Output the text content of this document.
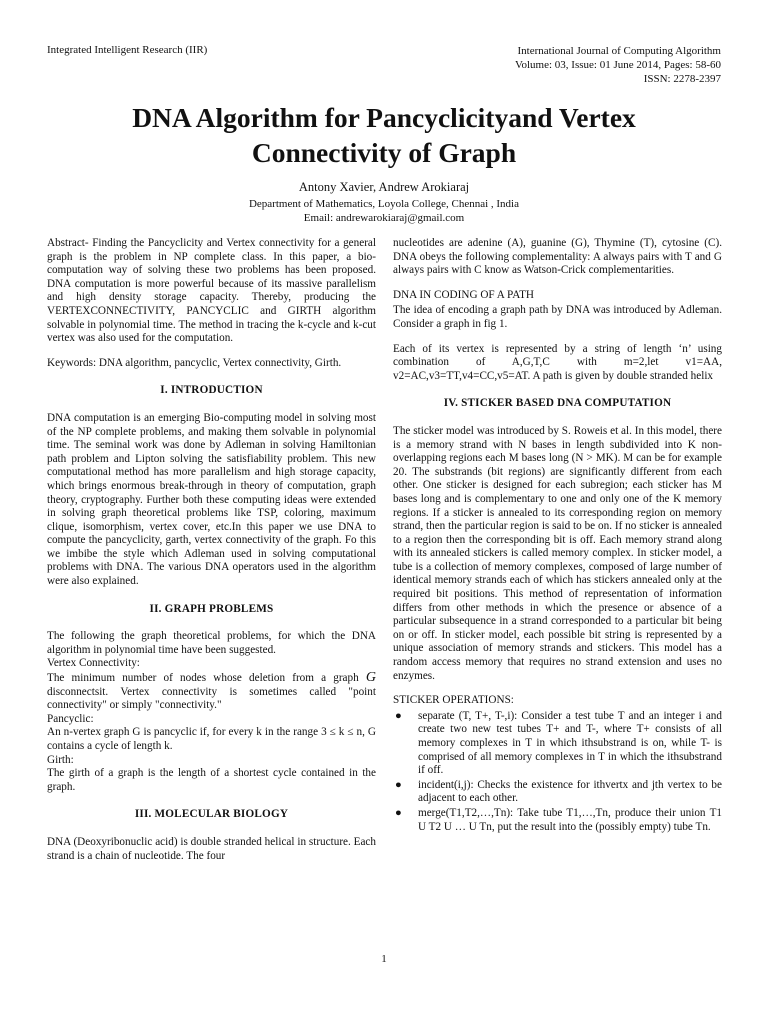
Integrated Intelligent Research (IIR)	International Journal of Computing Algorithm
Volume: 03, Issue: 01 June 2014, Pages: 58-60
ISSN: 2278-2397
DNA Algorithm for Pancyclicityand Vertex
Connectivity of Graph
Antony Xavier, Andrew Arokiaraj
Department of Mathematics, Loyola College, Chennai , India
Email: andrewarokiaraj@gmail.com

Abstract- Finding the Pancyclicity and Vertex connectivity for a general graph is the problem in NP complete class. In this paper, a bio-computation way of solving these two problems has been proposed. DNA computation is more powerful because of its massive parallelism and high density storage capacity. Thereby, producing the VERTEXCONNECTIVITY, PANCYCLIC and GIRTH algorithm solvable in polynomial time. The method in tracing the k-cycle and k-cut vertex was also used for the computation.

Keywords: DNA algorithm, pancyclic, Vertex connectivity, Girth.

I. INTRODUCTION

DNA computation is an emerging Bio-computing model in solving most of the NP complete problems, and making them solvable in polynomial time. The seminal work was done by Adleman in solving Hamiltonian path problem and Lipton solving the satisfiability problem. This new computational method has more parallelism and high storage capacity, which brings enormous break-through in theory of computation, graph theory, cryptography. Further both these computing ideas were extended in solving graph theoretical problems like TSP, coloring, maximum clique, isomorphism, vertex cover, etc.In this paper we use DNA to compute the pancyclicity, garth, vertex connectivity of the graph. Fo this we imbibe the style which Adleman used in solving computational problems with DNA. The various DNA operators used in the algorithm were also explained.

II. GRAPH PROBLEMS

The following the graph theoretical problems, for which the DNA algorithm in polynomial time have been suggested.

Vertex Connectivity:

The minimum number of nodes whose deletion from a graph G disconnectsit. Vertex connectivity is sometimes called "point connectivity" or simply "connectivity."

Pancyclic:

An n-vertex graph G is pancyclic if, for every k in the range 3 ≤ k ≤ n, G contains a cycle of length k.

Girth:

The girth of a graph is the length of a shortest cycle contained in the graph.

III. MOLECULAR BIOLOGY

DNA (Deoxyribonuclic acid) is double stranded helical in structure. Each strand is a chain of nucleotide. The four

nucleotides are adenine (A), guanine (G), Thymine (T), cytosine (C). DNA obeys the following complementality: A always pairs with T and G always pairs with C know as Watson-Crick complementarities.

DNA IN CODING OF A PATH

The idea of encoding a graph path by DNA was introduced by Adleman. Consider a graph in fig 1.

Each of its vertex is represented by a string of length ‘n’ using combination of A,G,T,C with m=2,let v1=AA, v2=AC,v3=TT,v4=CC,v5=AT. A path is given by double stranded helix

IV. STICKER BASED DNA COMPUTATION

The sticker model was introduced by S. Roweis et al. In this model, there is a memory strand with N bases in length subdivided into K non-overlapping regions each M bases long (N > MK). M can be for example 20. The substrands (bit regions) are significantly different from each other. One sticker is designed for each subregion; each sticker has M bases long and is complementary to one and only one of the K memory regions. If a sticker is annealed to its corresponding region on memory strand, then the particular region is said to be on. If no sticker is annealed to a region then the corresponding bit is off. Each memory strand along with its annealed stickers is called memory complex. In sticker model, a tube is a collection of memory complexes, composed of large number of identical memory strands each of which has stickers annealed only at the required bit positions. This method of representation of information differs from other methods in which the presence or absence of a particular subsequence in a strand corresponded to a particular bit being on or off. In sticker model, each possible bit string is represented by a unique association of memory strands and stickers. This model has a random access memory that requires no strand extension and uses no enzymes.

STICKER OPERATIONS:
● separate (T, T+, T-,i): Consider a test tube T and an integer i and create two new test tubes T+ and T-, where T+ consists of all memory complexes in T in which ithsubstrand is on, while T- is comprised of all memory complexes in T in which the ithsubstrand if off.
● incident(i,j): Checks the existence for ithvertx and jth vertex to be adjacent to each other.
● merge(T1,T2,…,Tn): Take tube T1,…,Tn, produce their union T1 U T2 U … U Tn, put the result into the (possibly empty) tube Tn.
1
